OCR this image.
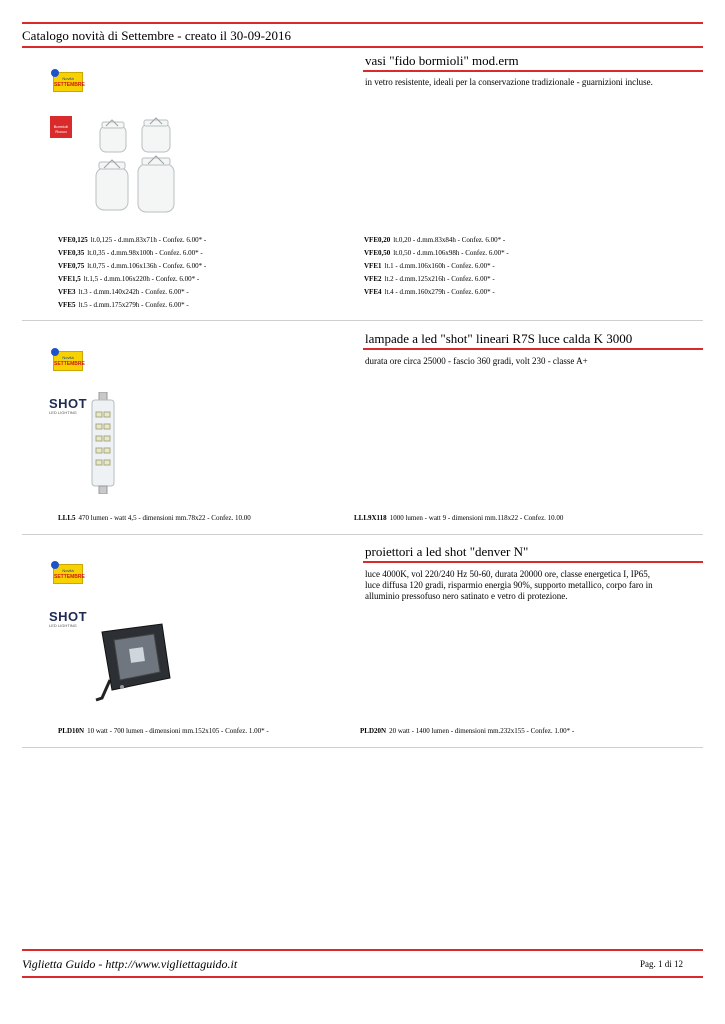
Catalogo novità di Settembre - creato il 30-09-2016
vasi "fido bormioli" mod.erm
in vetro resistente, ideali per la conservazione tradizionale - guarnizioni incluse.
Novità
SETTEMBRE
Bormioli Rocco
VFE0,125 lt.0,125 - d.mm.83x71h - Confez. 6.00* -	VFE0,20 lt.0,20 - d.mm.83x84h - Confez. 6.00* -
VFE0,35 lt.0,35 - d.mm.98x100h - Confez. 6.00* -	VFE0,50 lt.0,50 - d.mm.106x98h - Confez. 6.00* -
VFE0,75 lt.0,75 - d.mm.106x136h - Confez. 6.00* -	VFE1 lt.1 - d.mm.106x160h - Confez. 6.00* -
VFE1,5 lt.1,5 - d.mm.106x220h - Confez. 6.00* -	VFE2 lt.2 - d.mm.125x216h - Confez. 6.00* -
VFE3 lt.3 - d.mm.140x242h - Confez. 6.00* -	VFE4 lt.4 - d.mm.160x279h - Confez. 6.00* -
VFE5 lt.5 - d.mm.175x279h - Confez. 6.00* -
lampade a led "shot" lineari R7S luce calda K 3000
durata ore circa 25000 - fascio 360 gradi, volt 230 - classe A+
Novità
SETTEMBRE
SHOT
LED LIGHTING
LLL5 470 lumen - watt 4,5 - dimensioni mm.78x22 - Confez. 10.00	LLL9X118 1000 lumen - watt 9 - dimensioni mm.118x22 - Confez. 10.00
proiettori a led shot "denver N"
luce 4000K, vol 220/240 Hz 50-60, durata 20000 ore, classe energetica I, IP65, luce diffusa 120 gradi, risparmio energia 90%, supporto metallico, corpo faro in alluminio pressofuso nero satinato e vetro di protezione.
Novità
SETTEMBRE
SHOT
LED LIGHTING
PLD10N 10 watt - 700 lumen - dimensioni mm.152x105 - Confez. 1.00* -	PLD20N 20 watt - 1400 lumen - dimensioni mm.232x155 - Confez. 1.00* -
Viglietta Guido - http://www.vigliettaguido.it	Pag. 1 di 12
